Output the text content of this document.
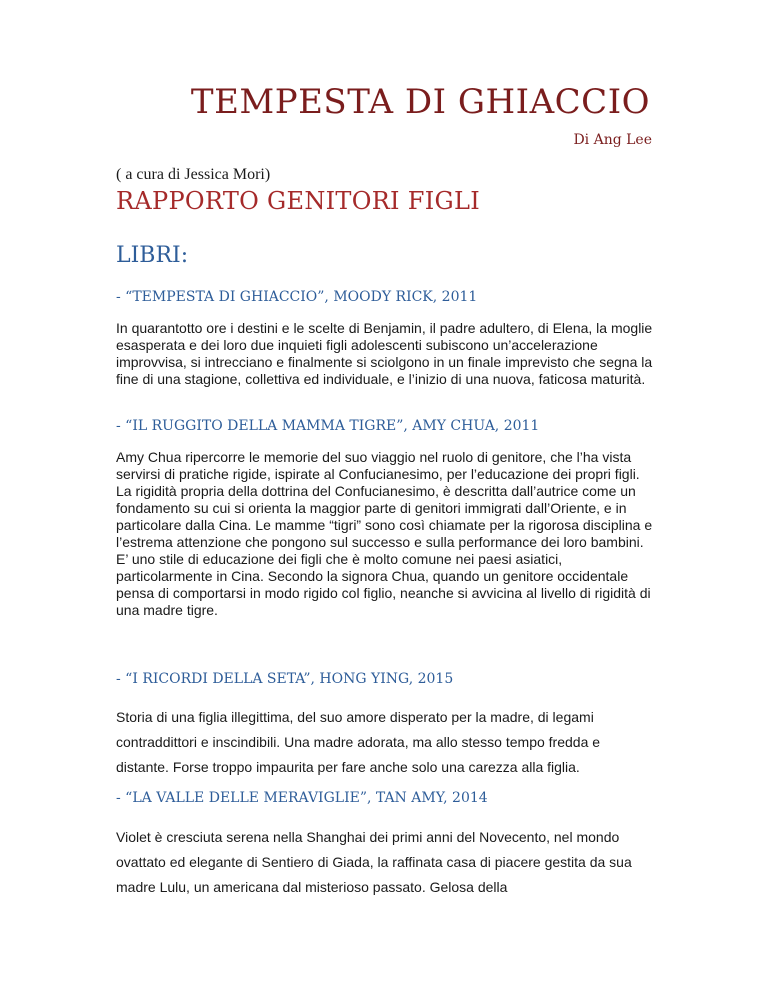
TEMPESTA DI GHIACCIO
Di Ang Lee
( a cura di Jessica Mori)
RAPPORTO GENITORI FIGLI
LIBRI:
- “TEMPESTA DI GHIACCIO”, MOODY RICK, 2011

In quarantotto ore i destini e le scelte di Benjamin, il padre adultero, di Elena, la moglie esasperata e dei loro due inquieti figli adolescenti subiscono un’accelerazione improvvisa, si intrecciano e finalmente si sciolgono in un finale imprevisto che segna la fine di una stagione, collettiva ed individuale, e l’inizio di una nuova, faticosa maturità.

- “IL RUGGITO DELLA MAMMA TIGRE”, AMY CHUA, 2011

Amy Chua ripercorre le memorie del suo viaggio nel ruolo di genitore, che l’ha vista servirsi di pratiche rigide, ispirate al Confucianesimo, per l’educazione dei propri figli. La rigidità propria della dottrina del Confucianesimo, è descritta dall’autrice come un fondamento su cui si orienta la maggior parte di genitori immigrati dall’Oriente, e in particolare dalla Cina. Le mamme “tigri” sono così chiamate per la rigorosa disciplina e l’estrema attenzione che pongono sul successo e sulla performance dei loro bambini. E’ uno stile di educazione dei figli che è molto comune nei paesi asiatici, particolarmente in Cina. Secondo la signora Chua, quando un genitore occidentale pensa di comportarsi in modo rigido col figlio, neanche si avvicina al livello di rigidità di una madre tigre.

- “I RICORDI DELLA SETA”, HONG YING, 2015

Storia di una figlia illegittima, del suo amore disperato per la madre, di legami contraddittori e inscindibili. Una madre adorata, ma allo stesso tempo fredda e distante. Forse troppo impaurita per fare anche solo una carezza alla figlia.

- “LA VALLE DELLE MERAVIGLIE”, TAN AMY, 2014

Violet è cresciuta serena nella Shanghai dei primi anni del Novecento, nel mondo ovattato ed elegante di Sentiero di Giada, la raffinata casa di piacere gestita da sua madre Lulu, un americana dal misterioso passato. Gelosa della
